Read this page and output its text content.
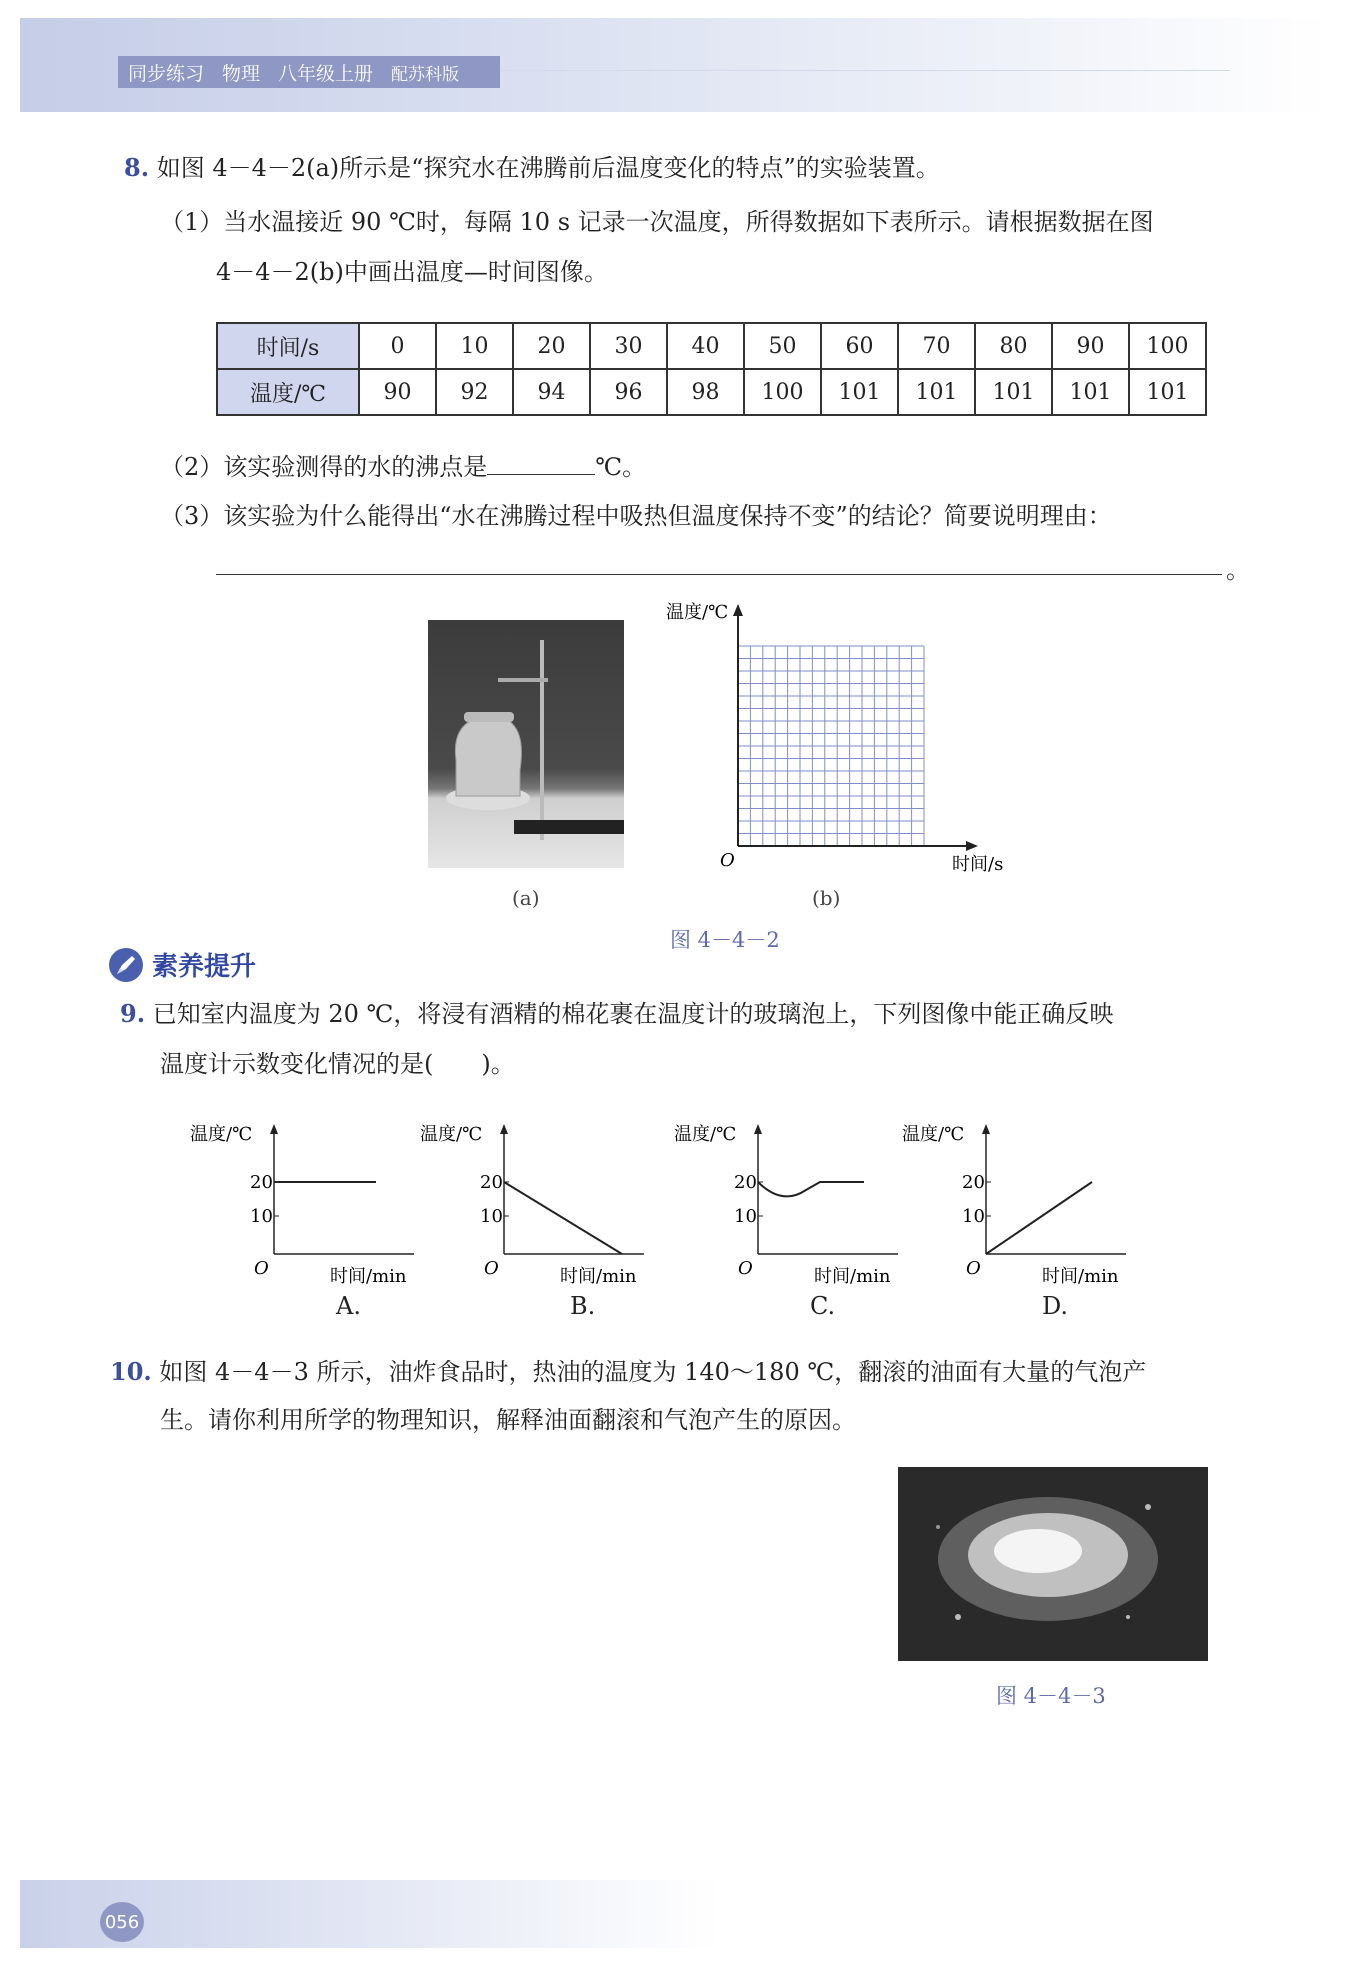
同步练习 物理 八年级上册 配苏科版
8. 如图 4－4－2(a)所示是“探究水在沸腾前后温度变化的特点”的实验装置。
（1）当水温接近 90 ℃时，每隔 10 s 记录一次温度，所得数据如下表所示。请根据数据在图
4－4－2(b)中画出温度—时间图像。
时间/s	0	10	20	30	40	50	60	70	80	90	100
温度/℃	90	92	94	96	98	100	101	101	101	101	101
（2）该实验测得的水的沸点是	℃。
（3）该实验为什么能得出“水在沸腾过程中吸热但温度保持不变”的结论？简要说明理由：
。
(a)
温度/℃
时间/s
O
(b)
图 4－4－2
素养提升
9. 已知室内温度为 20 ℃，将浸有酒精的棉花裹在温度计的玻璃泡上，下列图像中能正确反映
温度计示数变化情况的是(　　)。
温度/℃
20
10
O	时间/min
温度/℃
20
10
O	时间/min
温度/℃
20
10
O	时间/min
温度/℃
20
10
O	时间/min
A.	B.	C.	D.
10. 如图 4－4－3 所示，油炸食品时，热油的温度为 140～180 ℃，翻滚的油面有大量的气泡产
生。请你利用所学的物理知识，解释油面翻滚和气泡产生的原因。
图 4－4－3
056
